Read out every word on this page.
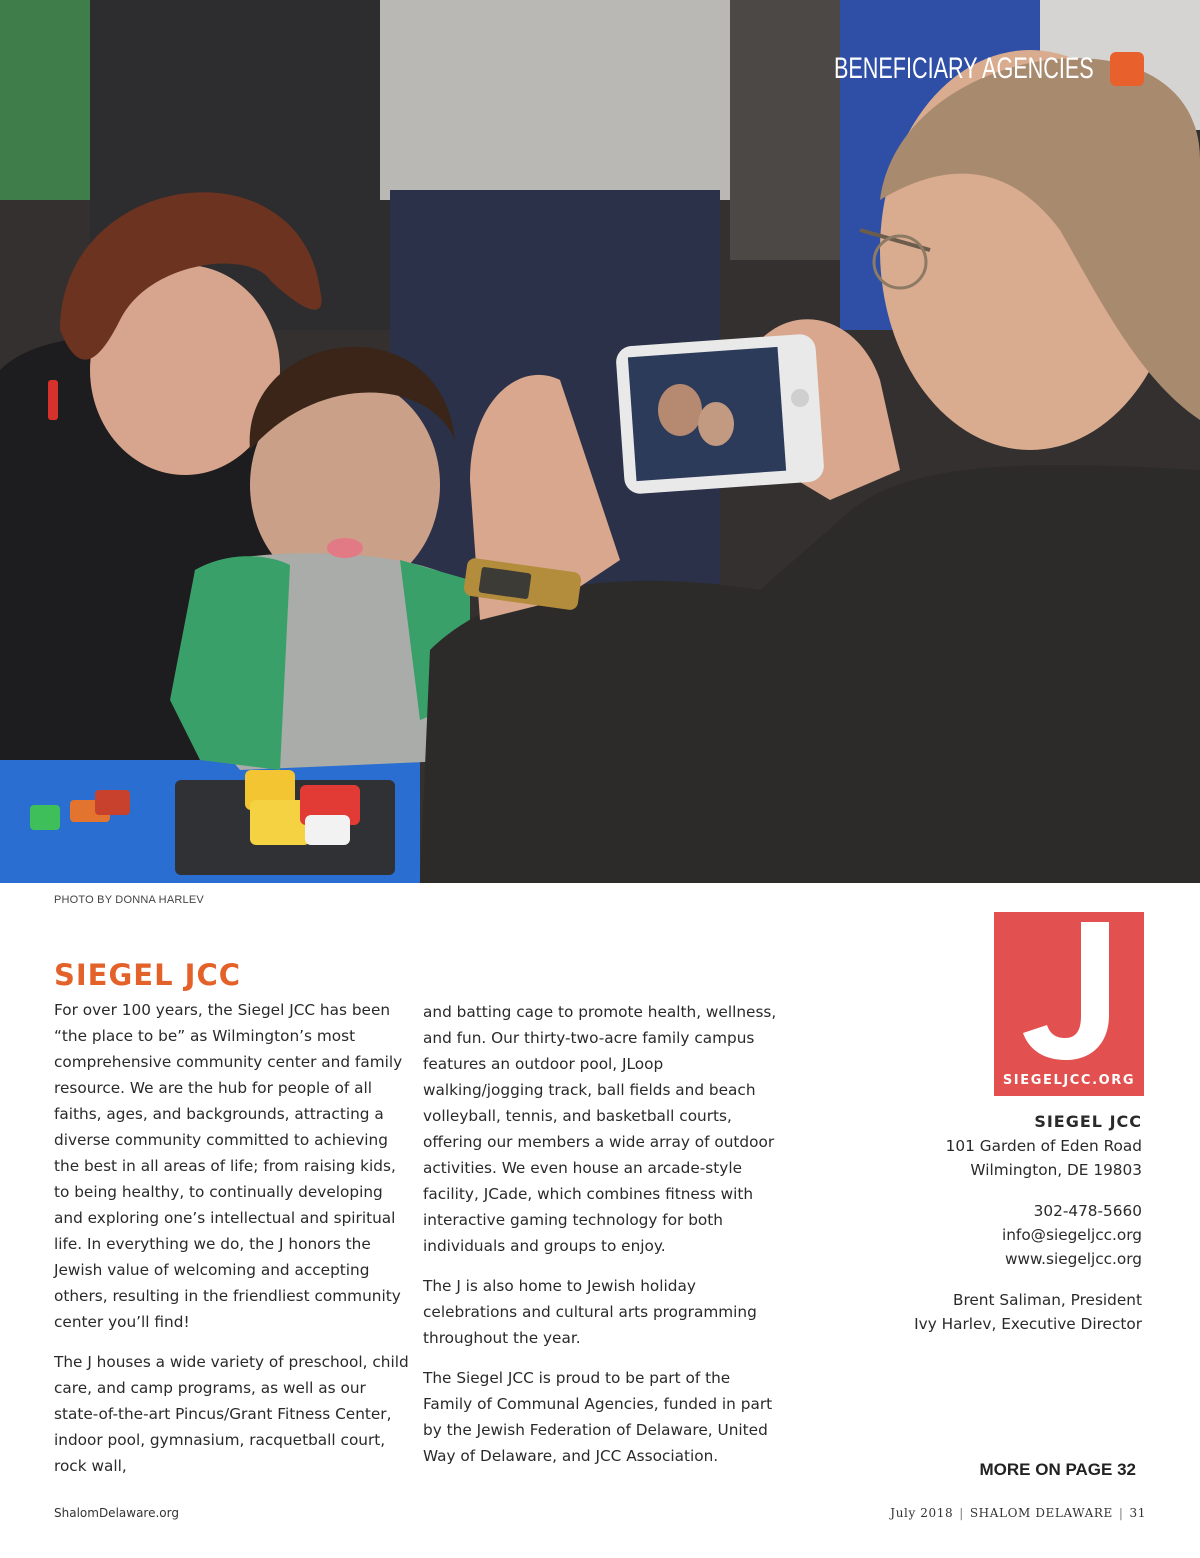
BENEFICIARY AGENCIES
PHOTO BY DONNA HARLEV
SIEGEL JCC

For over 100 years, the Siegel JCC has been “the place to be” as Wilmington’s most comprehensive community center and family resource. We are the hub for people of all faiths, ages, and backgrounds, attracting a diverse community committed to achieving the best in all areas of life; from raising kids, to being healthy, to continually developing and exploring one’s intellectual and spiritual life. In everything we do, the J honors the Jewish value of welcoming and accepting others, resulting in the friendliest community center you’ll find!

The J houses a wide variety of preschool, child care, and camp programs, as well as our state-of-the-art Pincus/Grant Fitness Center, indoor pool, gymnasium, racquetball court, rock wall,

and batting cage to promote health, wellness, and fun. Our thirty-two-acre family campus features an outdoor pool, JLoop walking/jogging track, ball fields and beach volleyball, tennis, and basketball courts, offering our members a wide array of outdoor activities. We even house an arcade-style facility, JCade, which combines fitness with interactive gaming technology for both individuals and groups to enjoy.

The J is also home to Jewish holiday celebrations and cultural arts programming throughout the year.

The Siegel JCC is proud to be part of the Family of Communal Agencies, funded in part by the Jewish Federation of Delaware, United Way of Delaware, and JCC Association.

SIEGELJCC.ORG
SIEGEL JCC
101 Garden of Eden Road
Wilmington, DE 19803
302-478-5660
info@siegeljcc.org
www.siegeljcc.org
Brent Saliman, President
Ivy Harlev, Executive Director
MORE ON PAGE 32
ShalomDelaware.org	July 2018 | SHALOM DELAWARE | 31
